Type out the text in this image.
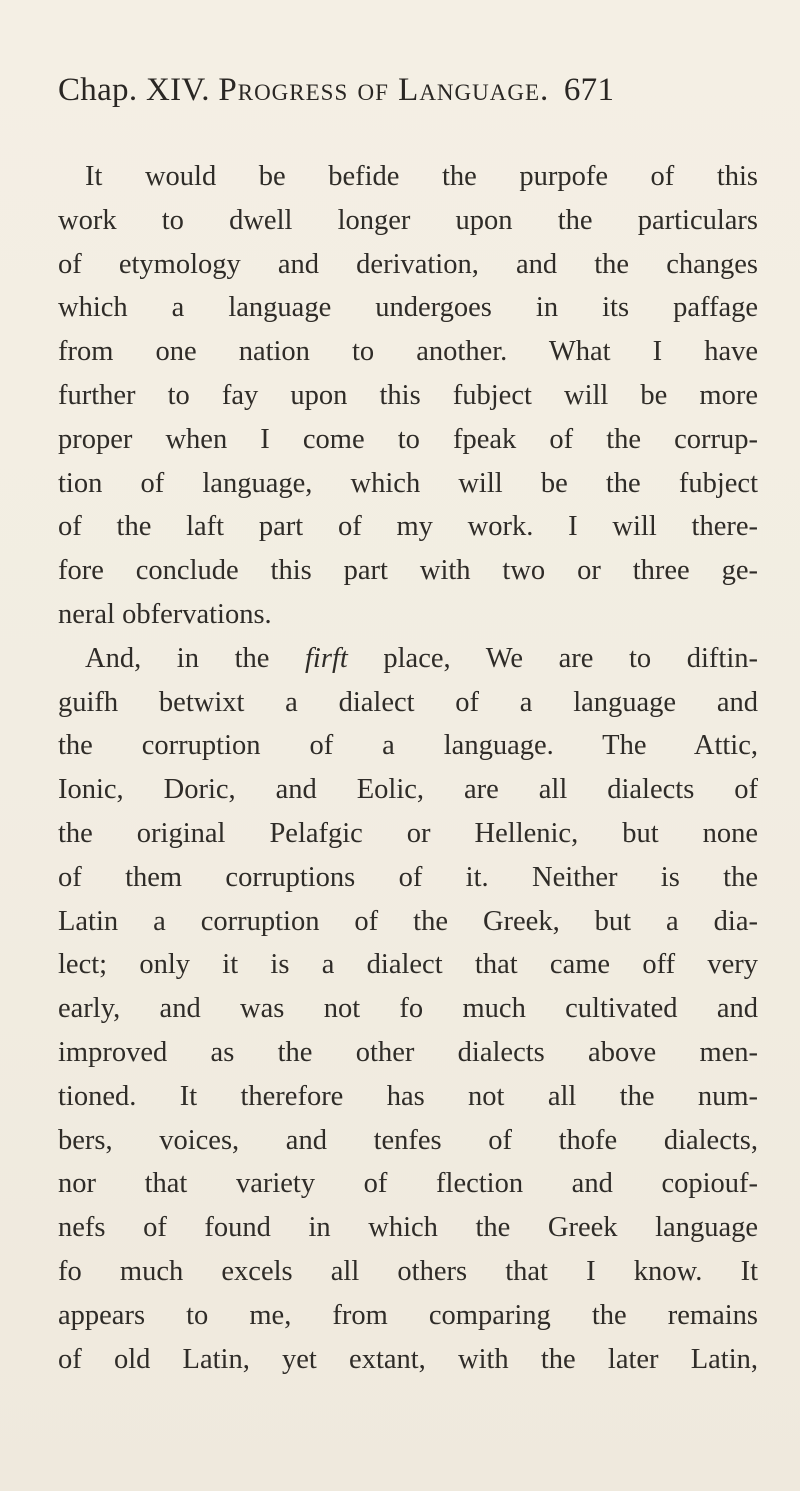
Chap. XIV. Progress of Language. 671
It would be befide the purpofe of this
work to dwell longer upon the particulars
of etymology and derivation, and the changes
which a language undergoes in its paffage
from one nation to another. What I have
further to fay upon this fubject will be more
proper when I come to fpeak of the corrup-
tion of language, which will be the fubject
of the laft part of my work. I will there-
fore conclude this part with two or three ge-
neral obfervations.
And, in the firft place, We are to diftin-
guifh betwixt a dialect of a language and
the corruption of a language. The Attic,
Ionic, Doric, and Eolic, are all dialects of
the original Pelafgic or Hellenic, but none
of them corruptions of it. Neither is the
Latin a corruption of the Greek, but a dia-
lect; only it is a dialect that came off very
early, and was not fo much cultivated and
improved as the other dialects above men-
tioned. It therefore has not all the num-
bers, voices, and tenfes of thofe dialects,
nor that variety of flection and copiouf-
nefs of found in which the Greek language
fo much excels all others that I know. It
appears to me, from comparing the remains
of old Latin, yet extant, with the later Latin,
